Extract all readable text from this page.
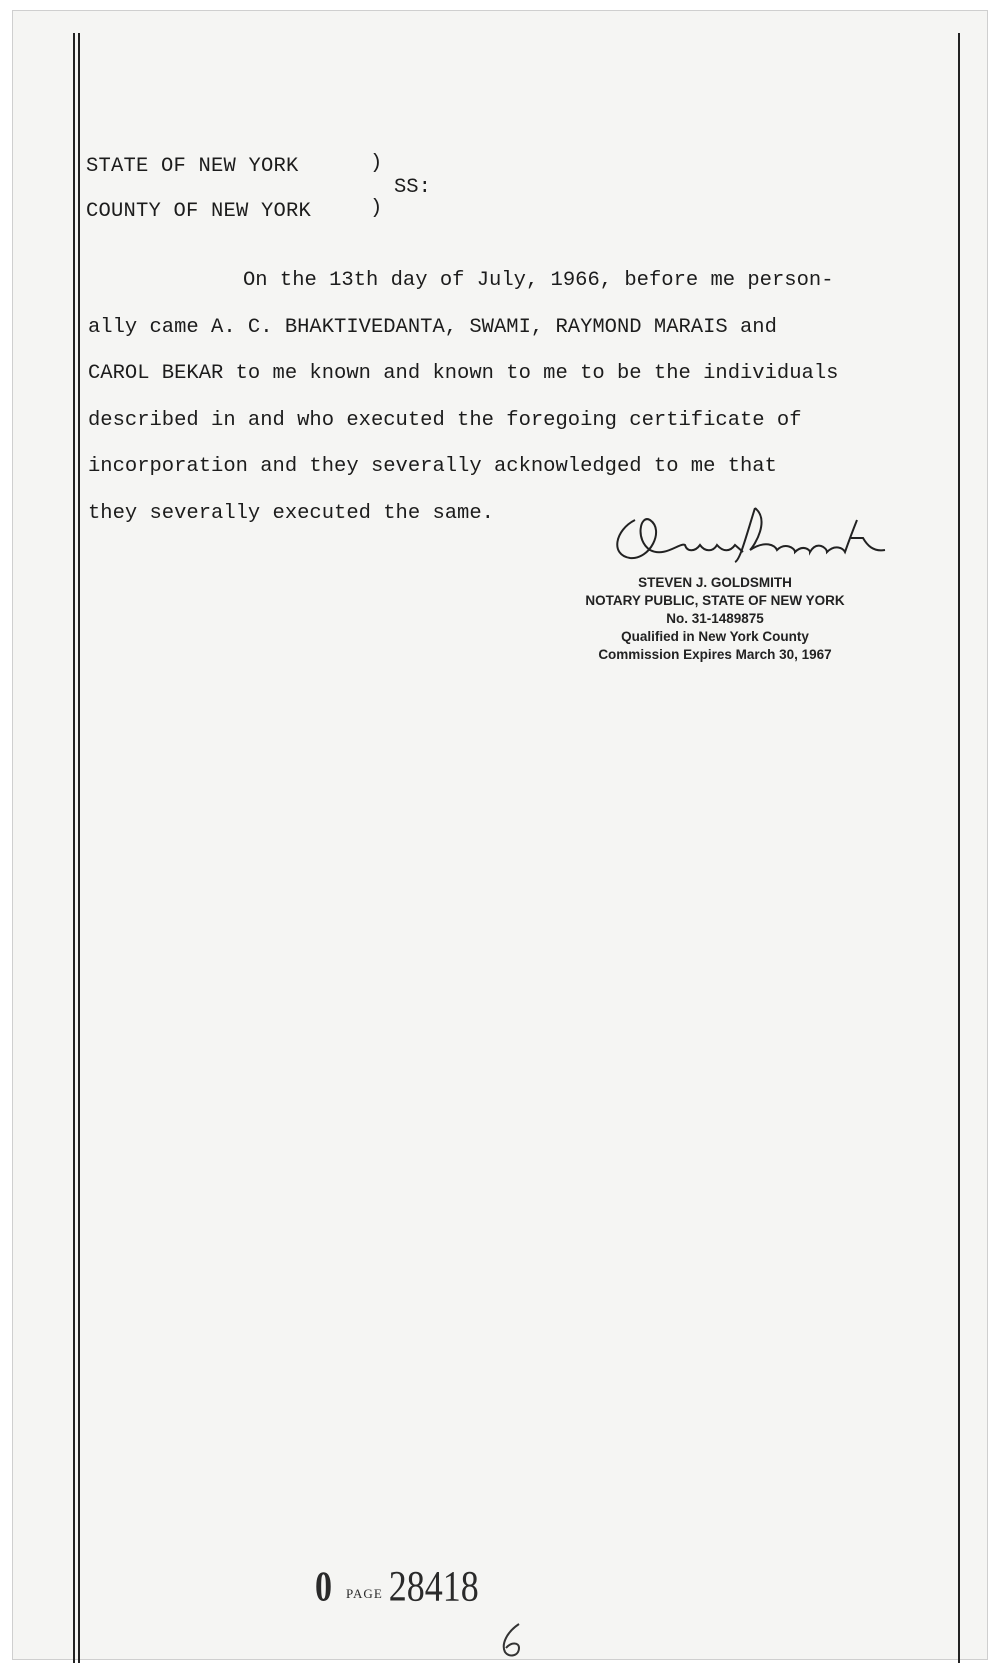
STATE OF NEW YORK
COUNTY OF NEW YORK
)
)
SS:

On the 13th day of July, 1966, before me person-

ally came A. C. BHAKTIVEDANTA, SWAMI, RAYMOND MARAIS and

CAROL BEKAR to me known and known to me to be the individuals

described in and who executed the foregoing certificate of

incorporation and they severally acknowledged to me that

they severally executed the same.

STEVEN J. GOLDSMITH
NOTARY PUBLIC, STATE OF NEW YORK
No. 31-1489875
Qualified in New York County
Commission Expires March 30, 1967
0 PAGE 28418
